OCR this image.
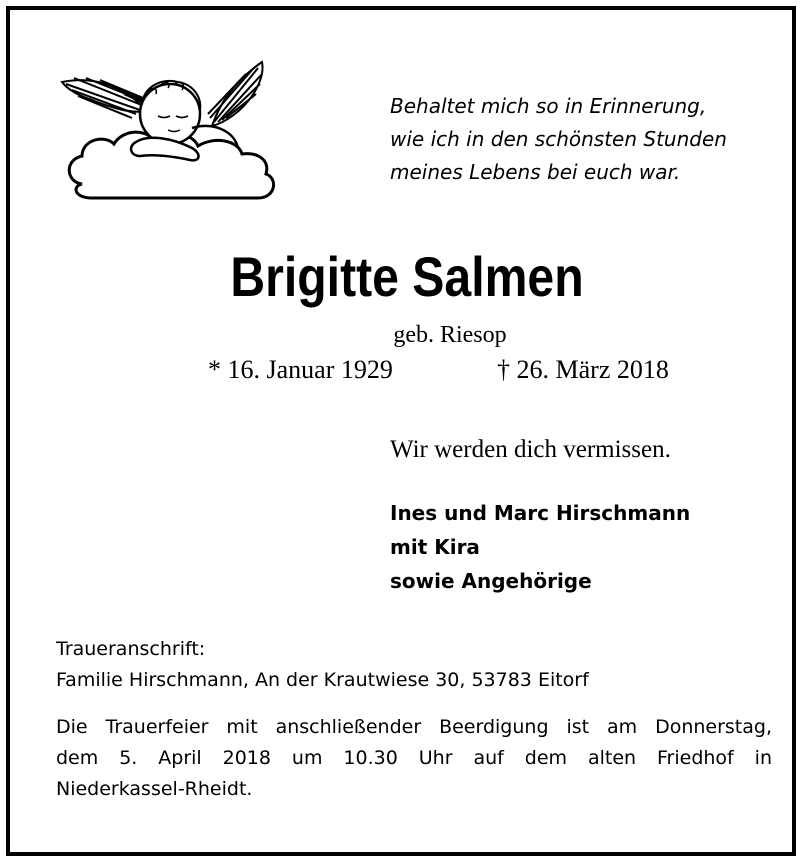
Behaltet mich so in Erinnerung,
wie ich in den schönsten Stunden
meines Lebens bei euch war.
Brigitte Salmen
geb. Riesop
* 16. Januar 1929	† 26. März 2018
Wir werden dich vermissen.
Ines und Marc Hirschmann
mit Kira
sowie Angehörige
Traueranschrift:
Familie Hirschmann, An der Krautwiese 30, 53783 Eitorf
Die Trauerfeier mit anschließender Beerdigung ist am Donnerstag,
dem 5. April 2018 um 10.30 Uhr auf dem alten Friedhof in
Niederkassel-Rheidt.
